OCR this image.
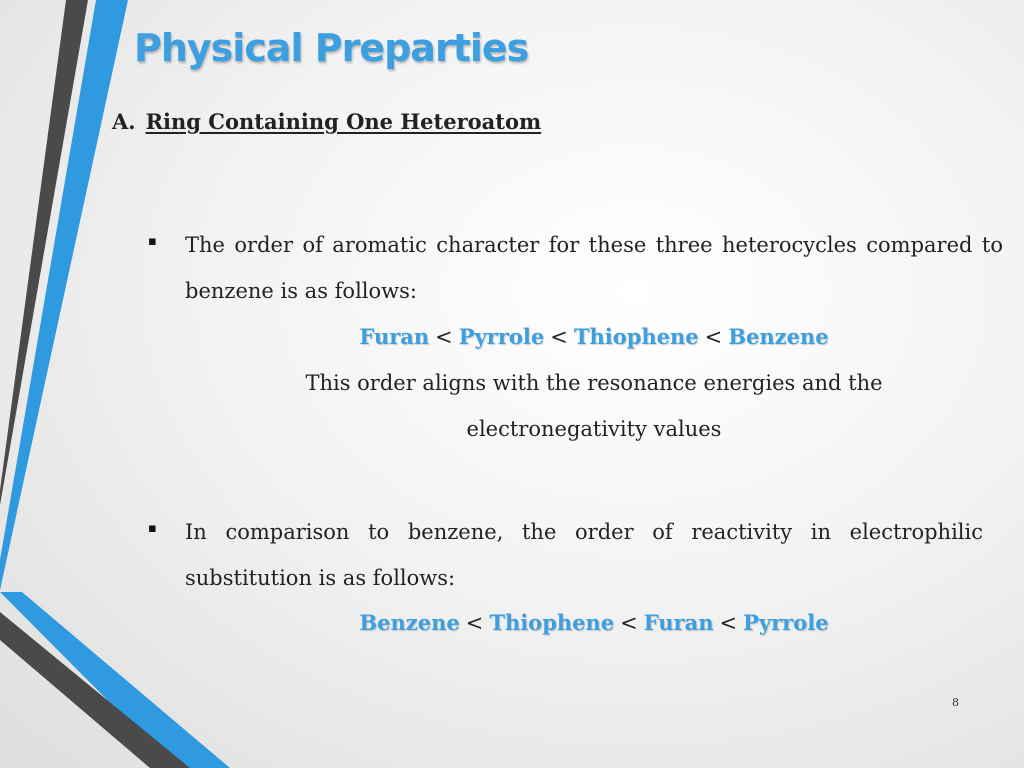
Physical Preparties
A. Ring Containing One Heteroatom
▪ The order of aromatic character for these three heterocycles compared to benzene is as follows:
Furan < Pyrrole < Thiophene < Benzene
This order aligns with the resonance energies and the
electronegativity values
▪ In comparison to benzene, the order of reactivity in electrophilic substitution is as follows:
Benzene < Thiophene < Furan < Pyrrole
8
